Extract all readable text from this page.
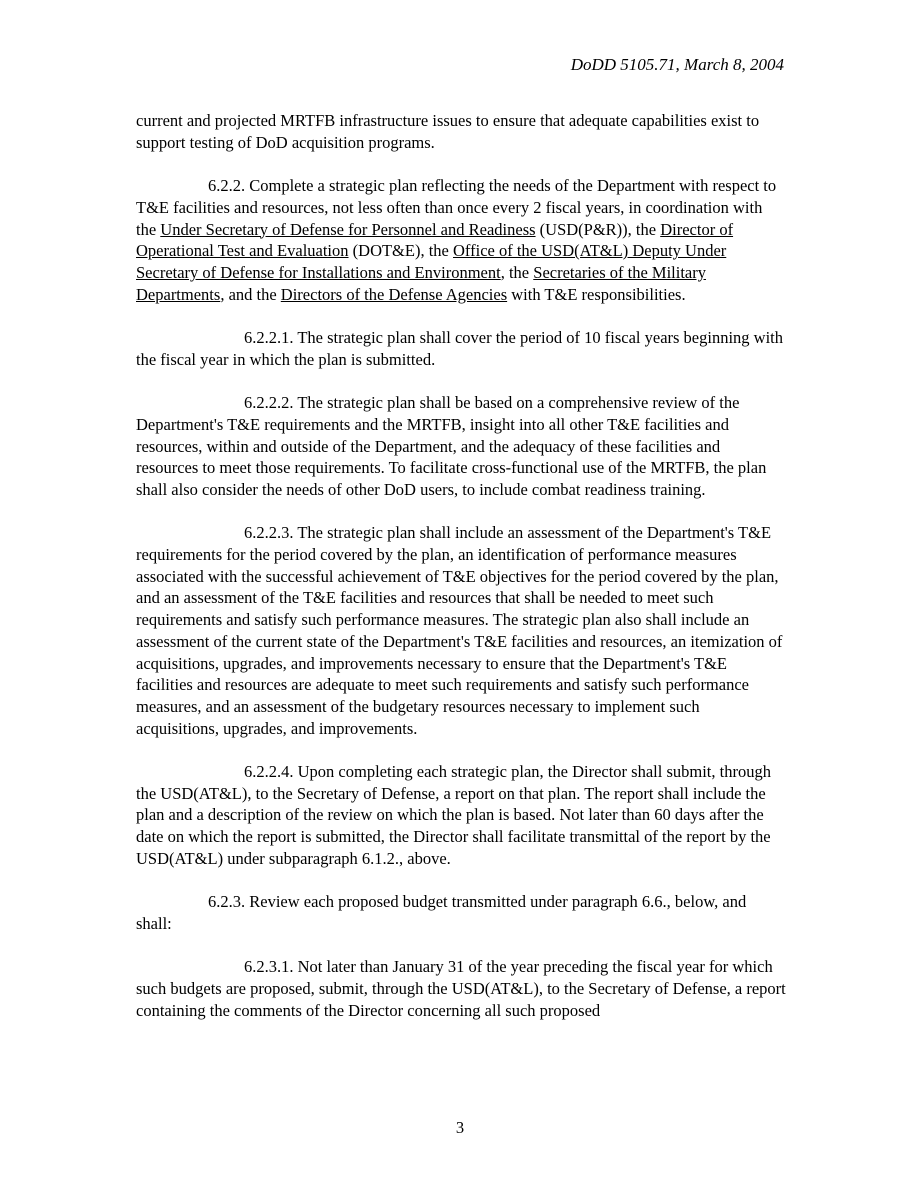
DoDD 5105.71, March 8, 2004

current and projected MRTFB infrastructure issues to ensure that adequate capabilities exist to support testing of DoD acquisition programs.

6.2.2. Complete a strategic plan reflecting the needs of the Department with respect to T&E facilities and resources, not less often than once every 2 fiscal years, in coordination with the Under Secretary of Defense for Personnel and Readiness (USD(P&R)), the Director of Operational Test and Evaluation (DOT&E), the Office of the USD(AT&L) Deputy Under Secretary of Defense for Installations and Environment, the Secretaries of the Military Departments, and the Directors of the Defense Agencies with T&E responsibilities.

6.2.2.1. The strategic plan shall cover the period of 10 fiscal years beginning with the fiscal year in which the plan is submitted.

6.2.2.2. The strategic plan shall be based on a comprehensive review of the Department's T&E requirements and the MRTFB, insight into all other T&E facilities and resources, within and outside of the Department, and the adequacy of these facilities and resources to meet those requirements. To facilitate cross-functional use of the MRTFB, the plan shall also consider the needs of other DoD users, to include combat readiness training.

6.2.2.3. The strategic plan shall include an assessment of the Department's T&E requirements for the period covered by the plan, an identification of performance measures associated with the successful achievement of T&E objectives for the period covered by the plan, and an assessment of the T&E facilities and resources that shall be needed to meet such requirements and satisfy such performance measures. The strategic plan also shall include an assessment of the current state of the Department's T&E facilities and resources, an itemization of acquisitions, upgrades, and improvements necessary to ensure that the Department's T&E facilities and resources are adequate to meet such requirements and satisfy such performance measures, and an assessment of the budgetary resources necessary to implement such acquisitions, upgrades, and improvements.

6.2.2.4. Upon completing each strategic plan, the Director shall submit, through the USD(AT&L), to the Secretary of Defense, a report on that plan. The report shall include the plan and a description of the review on which the plan is based. Not later than 60 days after the date on which the report is submitted, the Director shall facilitate transmittal of the report by the USD(AT&L) under subparagraph 6.1.2., above.

6.2.3. Review each proposed budget transmitted under paragraph 6.6., below, and shall:

6.2.3.1. Not later than January 31 of the year preceding the fiscal year for which such budgets are proposed, submit, through the USD(AT&L), to the Secretary of Defense, a report containing the comments of the Director concerning all such proposed

3
